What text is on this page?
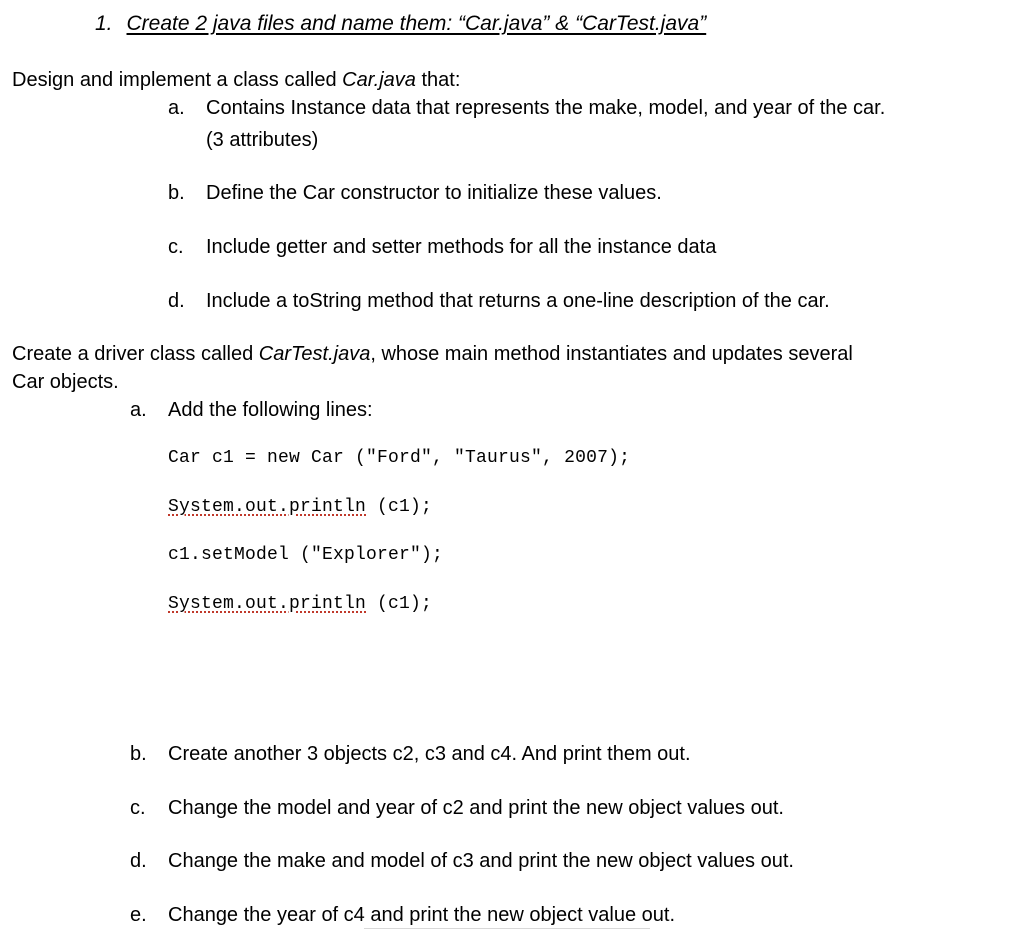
1. Create 2 java files and name them: “Car.java” & “CarTest.java”
Design and implement a class called Car.java that:
a. Contains Instance data that represents the make, model, and year of the car.
(3 attributes)
b. Define the Car constructor to initialize these values.
c. Include getter and setter methods for all the instance data
d. Include a toString method that returns a one-line description of the car.
Create a driver class called CarTest.java, whose main method instantiates and updates several
Car objects.
a. Add the following lines:
Car c1 = new Car ("Ford", "Taurus", 2007);
System.out.println (c1);
c1.setModel ("Explorer");
System.out.println (c1);
b. Create another 3 objects c2, c3 and c4. And print them out.
c. Change the model and year of c2 and print the new object values out.
d. Change the make and model of c3 and print the new object values out.
e. Change the year of c4 and print the new object value out.
